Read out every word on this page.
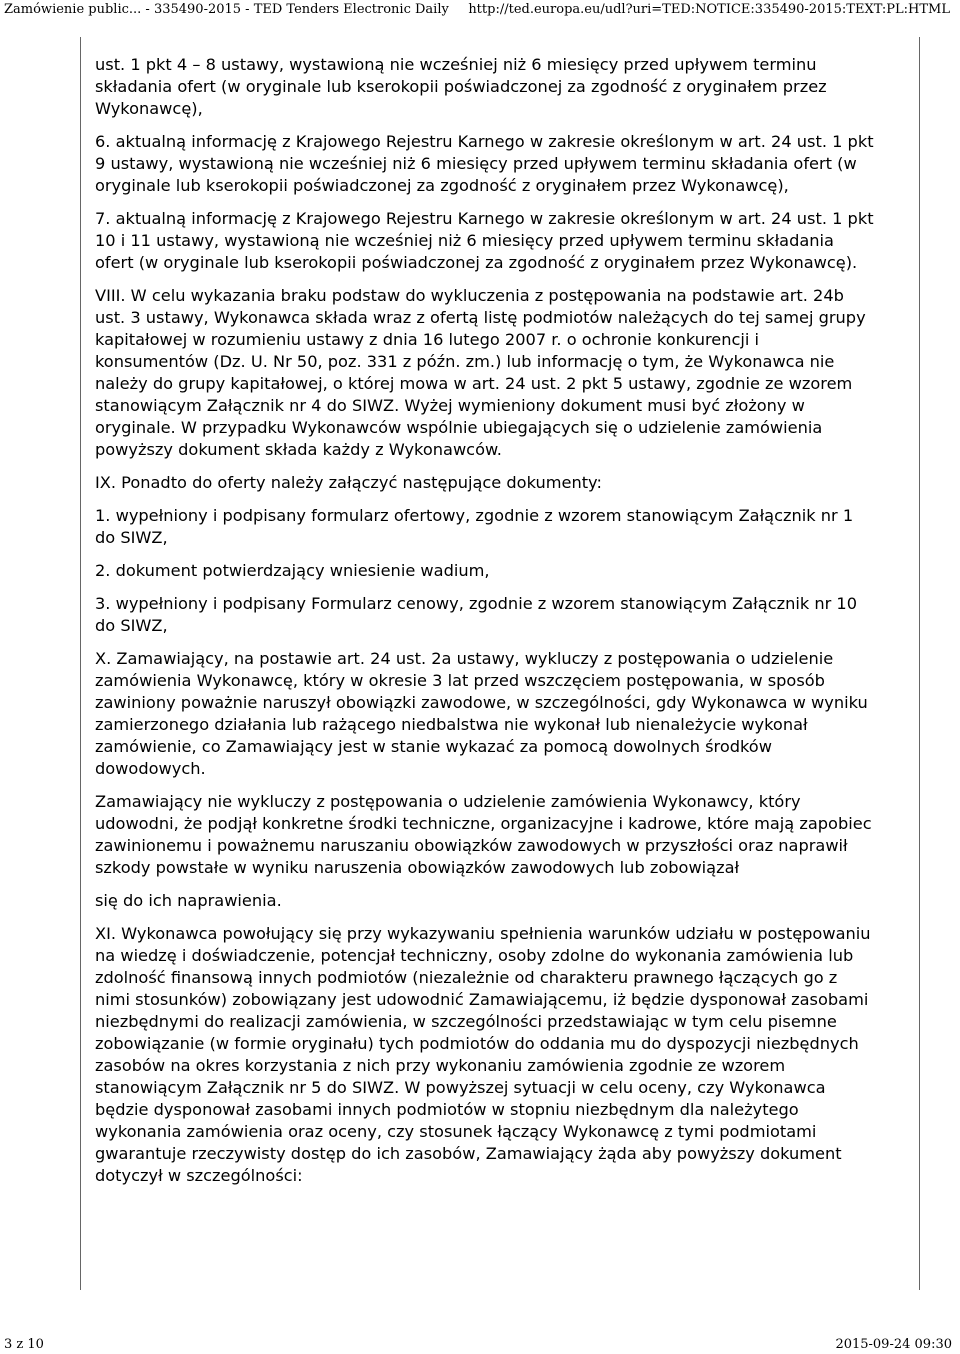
Zamówienie public... - 335490-2015 - TED Tenders Electronic Daily http://ted.europa.eu/udl?uri=TED:NOTICE:335490-2015:TEXT:PL:HTML

ust. 1 pkt 4 – 8 ustawy, wystawioną nie wcześniej niż 6 miesięcy przed upływem terminu składania ofert (w oryginale lub kserokopii poświadczonej za zgodność z oryginałem przez Wykonawcę),

6. aktualną informację z Krajowego Rejestru Karnego w zakresie określonym w art. 24 ust. 1 pkt 9 ustawy, wystawioną nie wcześniej niż 6 miesięcy przed upływem terminu składania ofert (w oryginale lub kserokopii poświadczonej za zgodność z oryginałem przez Wykonawcę),

7. aktualną informację z Krajowego Rejestru Karnego w zakresie określonym w art. 24 ust. 1 pkt 10 i 11 ustawy, wystawioną nie wcześniej niż 6 miesięcy przed upływem terminu składania ofert (w oryginale lub kserokopii poświadczonej za zgodność z oryginałem przez Wykonawcę).

VIII. W celu wykazania braku podstaw do wykluczenia z postępowania na podstawie art. 24b ust. 3 ustawy, Wykonawca składa wraz z ofertą listę podmiotów należących do tej samej grupy kapitałowej w rozumieniu ustawy z dnia 16 lutego 2007 r. o ochronie konkurencji i konsumentów (Dz. U. Nr 50, poz. 331 z późn. zm.) lub informację o tym, że Wykonawca nie należy do grupy kapitałowej, o której mowa w art. 24 ust. 2 pkt 5 ustawy, zgodnie ze wzorem stanowiącym Załącznik nr 4 do SIWZ. Wyżej wymieniony dokument musi być złożony w oryginale. W przypadku Wykonawców wspólnie ubiegających się o udzielenie zamówienia powyższy dokument składa każdy z Wykonawców.

IX. Ponadto do oferty należy załączyć następujące dokumenty:

1. wypełniony i podpisany formularz ofertowy, zgodnie z wzorem stanowiącym Załącznik nr 1 do SIWZ,

2. dokument potwierdzający wniesienie wadium,

3. wypełniony i podpisany Formularz cenowy, zgodnie z wzorem stanowiącym Załącznik nr 10 do SIWZ,

X. Zamawiający, na postawie art. 24 ust. 2a ustawy, wykluczy z postępowania o udzielenie zamówienia Wykonawcę, który w okresie 3 lat przed wszczęciem postępowania, w sposób zawiniony poważnie naruszył obowiązki zawodowe, w szczególności, gdy Wykonawca w wyniku zamierzonego działania lub rażącego niedbalstwa nie wykonał lub nienależycie wykonał zamówienie, co Zamawiający jest w stanie wykazać za pomocą dowolnych środków dowodowych.

Zamawiający nie wykluczy z postępowania o udzielenie zamówienia Wykonawcy, który udowodni, że podjął konkretne środki techniczne, organizacyjne i kadrowe, które mają zapobiec zawinionemu i poważnemu naruszaniu obowiązków zawodowych w przyszłości oraz naprawił szkody powstałe w wyniku naruszenia obowiązków zawodowych lub zobowiązał

się do ich naprawienia.

XI. Wykonawca powołujący się przy wykazywaniu spełnienia warunków udziału w postępowaniu na wiedzę i doświadczenie, potencjał techniczny, osoby zdolne do wykonania zamówienia lub zdolność finansową innych podmiotów (niezależnie od charakteru prawnego łączących go z nimi stosunków) zobowiązany jest udowodnić Zamawiającemu, iż będzie dysponował zasobami niezbędnymi do realizacji zamówienia, w szczególności przedstawiając w tym celu pisemne zobowiązanie (w formie oryginału) tych podmiotów do oddania mu do dyspozycji niezbędnych zasobów na okres korzystania z nich przy wykonaniu zamówienia zgodnie ze wzorem stanowiącym Załącznik nr 5 do SIWZ. W powyższej sytuacji w celu oceny, czy Wykonawca będzie dysponował zasobami innych podmiotów w stopniu niezbędnym dla należytego wykonania zamówienia oraz oceny, czy stosunek łączący Wykonawcę z tymi podmiotami gwarantuje rzeczywisty dostęp do ich zasobów, Zamawiający żąda aby powyższy dokument dotyczył w szczególności:

3 z 10	2015-09-24 09:30
